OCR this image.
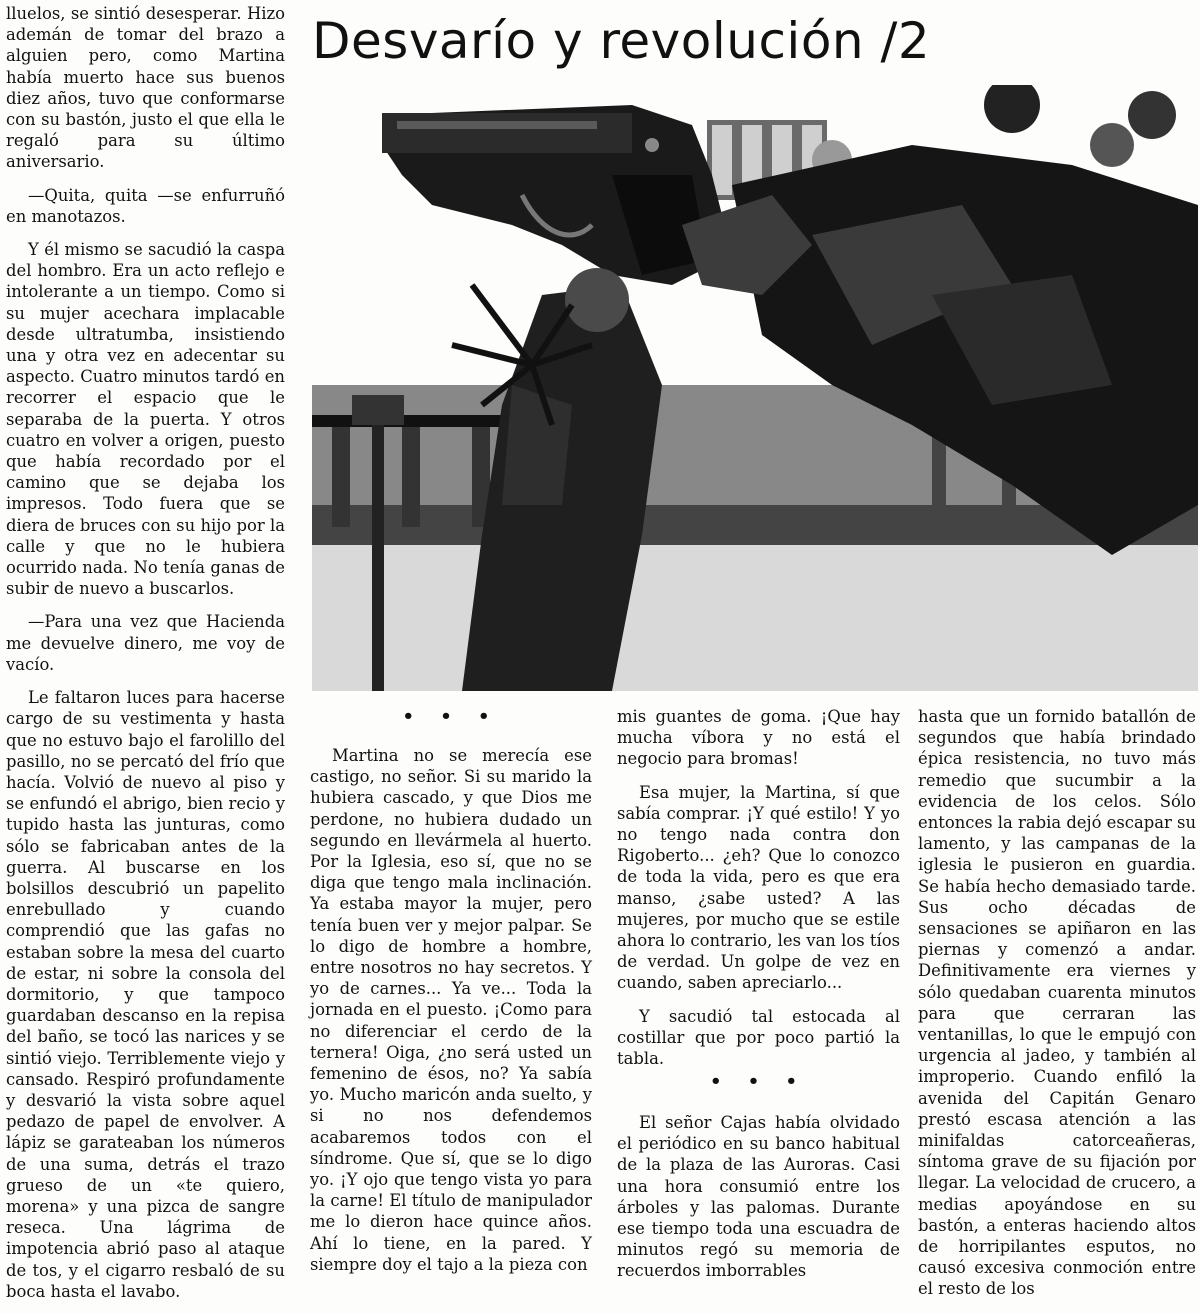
Desvarío y revolución /2

lluelos, se sintió desesperar. Hizo ademán de tomar del brazo a alguien pero, como Martina había muerto hace sus buenos diez años, tuvo que conformarse con su bastón, justo el que ella le regaló para su último aniversario.

—Quita, quita —se enfurruñó en manotazos.

Y él mismo se sacudió la caspa del hombro. Era un acto reflejo e intolerante a un tiempo. Como si su mujer acechara implacable desde ultratumba, insistiendo una y otra vez en adecentar su aspecto. Cuatro minutos tardó en recorrer el espacio que le separaba de la puerta. Y otros cuatro en volver a origen, puesto que había recordado por el camino que se dejaba los impresos. Todo fuera que se diera de bruces con su hijo por la calle y que no le hubiera ocurrido nada. No tenía ganas de subir de nuevo a buscarlos.

—Para una vez que Hacienda me devuelve dinero, me voy de vacío.

Le faltaron luces para hacerse cargo de su vestimenta y hasta que no estuvo bajo el farolillo del pasillo, no se percató del frío que hacía. Volvió de nuevo al piso y se enfundó el abrigo, bien recio y tupido hasta las junturas, como sólo se fabricaban antes de la guerra. Al buscarse en los bolsillos descubrió un papelito enrebullado y cuando comprendió que las gafas no estaban sobre la mesa del cuarto de estar, ni sobre la consola del dormitorio, y que tampoco guardaban descanso en la repisa del baño, se tocó las narices y se sintió viejo. Terriblemente viejo y cansado. Respiró profundamente y desvarió la vista sobre aquel pedazo de papel de envolver. A lápiz se garateaban los números de una suma, detrás el trazo grueso de un «te quiero, morena» y una pizca de sangre reseca. Una lágrima de impotencia abrió paso al ataque de tos, y el cigarro resbaló de su boca hasta el lavabo.

• • •

Martina no se merecía ese castigo, no señor. Si su marido la hubiera cascado, y que Dios me perdone, no hubiera dudado un segundo en llevármela al huerto. Por la Iglesia, eso sí, que no se diga que tengo mala inclinación. Ya estaba mayor la mujer, pero tenía buen ver y mejor palpar. Se lo digo de hombre a hombre, entre nosotros no hay secretos. Y yo de carnes... Ya ve... Toda la jornada en el puesto. ¡Como para no diferenciar el cerdo de la ternera! Oiga, ¿no será usted un femenino de ésos, no? Ya sabía yo. Mucho maricón anda suelto, y si no nos defendemos acabaremos todos con el síndrome. Que sí, que se lo digo yo. ¡Y ojo que tengo vista yo para la carne! El título de manipulador me lo dieron hace quince años. Ahí lo tiene, en la pared. Y siempre doy el tajo a la pieza con

mis guantes de goma. ¡Que hay mucha víbora y no está el negocio para bromas!

Esa mujer, la Martina, sí que sabía comprar. ¡Y qué estilo! Y yo no tengo nada contra don Rigoberto... ¿eh? Que lo conozco de toda la vida, pero es que era manso, ¿sabe usted? A las mujeres, por mucho que se estile ahora lo contrario, les van los tíos de verdad. Un golpe de vez en cuando, saben apreciarlo...

Y sacudió tal estocada al costillar que por poco partió la tabla.

• • •

El señor Cajas había olvidado el periódico en su banco habitual de la plaza de las Auroras. Casi una hora consumió entre los árboles y las palomas. Durante ese tiempo toda una escuadra de minutos regó su memoria de recuerdos imborrables

hasta que un fornido batallón de segundos que había brindado épica resistencia, no tuvo más remedio que sucumbir a la evidencia de los celos. Sólo entonces la rabia dejó escapar su lamento, y las campanas de la iglesia le pusieron en guardia. Se había hecho demasiado tarde. Sus ocho décadas de sensaciones se apiñaron en las piernas y comenzó a andar. Definitivamente era viernes y sólo quedaban cuarenta minutos para que cerraran las ventanillas, lo que le empujó con urgencia al jadeo, y también al improperio. Cuando enfiló la avenida del Capitán Genaro prestó escasa atención a las minifaldas catorceañeras, síntoma grave de su fijación por llegar. La velocidad de crucero, a medias apoyándose en su bastón, a enteras haciendo altos de horripilantes esputos, no causó excesiva conmoción entre el resto de los
